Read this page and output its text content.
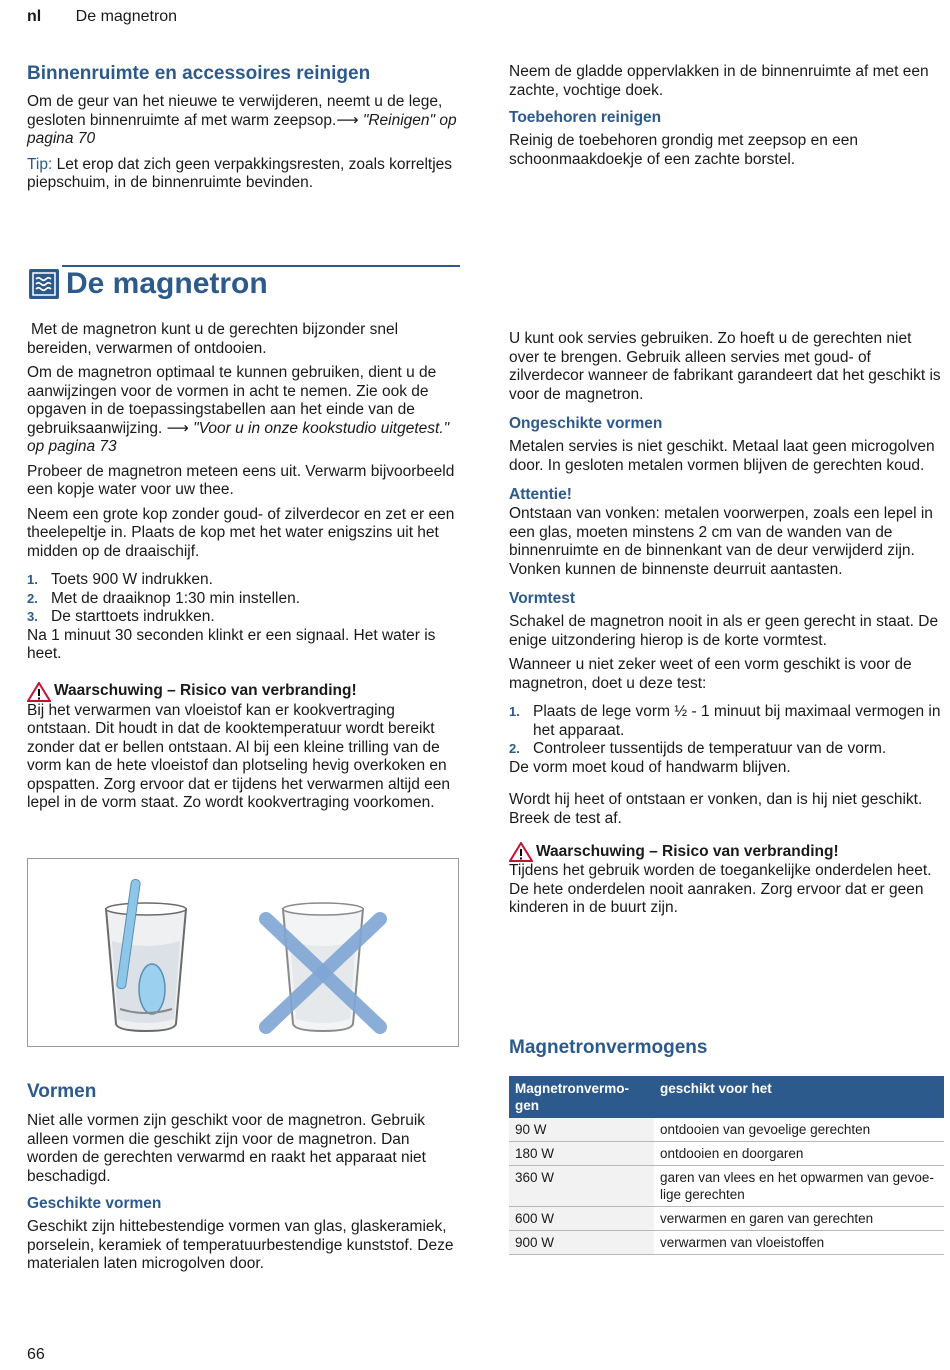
nl De magnetron
Binnenruimte en accessoires reinigen

Om de geur van het nieuwe te verwijderen, neemt u de lege, gesloten binnenruimte af met warm zeepsop.⟶ "Reinigen" op pagina 70

Tip: Let erop dat zich geen verpakkingsresten, zoals korreltjes piepschuim, in de binnenruimte bevinden.

Neem de gladde oppervlakken in de binnenruimte af met een zachte, vochtige doek.

Toebehoren reinigen

Reinig de toebehoren grondig met zeepsop en een schoonmaakdoekje of een zachte borstel.

De magnetron

Met de magnetron kunt u de gerechten bijzonder snel bereiden, verwarmen of ontdooien.

Om de magnetron optimaal te kunnen gebruiken, dient u de aanwijzingen voor de vormen in acht te nemen. Zie ook de opgaven in de toepassingstabellen aan het einde van de gebruiksaanwijzing. ⟶ "Voor u in onze kookstudio uitgetest." op pagina 73

Probeer de magnetron meteen eens uit. Verwarm bijvoorbeeld een kopje water voor uw thee.

Neem een grote kop zonder goud- of zilverdecor en zet er een theelepeltje in. Plaats de kop met het water enigszins uit het midden op de draaischijf.

1. Toets 900 W indrukken.
2. Met de draaiknop 1:30 min instellen.
3. De starttoets indrukken.

Na 1 minuut 30 seconden klinkt er een signaal. Het water is heet.

Waarschuwing – Risico van verbranding!

Bij het verwarmen van vloeistof kan er kookvertraging ontstaan. Dit houdt in dat de kooktemperatuur wordt bereikt zonder dat er bellen ontstaan. Al bij een kleine trilling van de vorm kan de hete vloeistof dan plotseling hevig overkoken en opspatten. Zorg ervoor dat er tijdens het verwarmen altijd een lepel in de vorm staat. Zo wordt kookvertraging voorkomen.

Vormen

Niet alle vormen zijn geschikt voor de magnetron. Gebruik alleen vormen die geschikt zijn voor de magnetron. Dan worden de gerechten verwarmd en raakt het apparaat niet beschadigd.

Geschikte vormen

Geschikt zijn hittebestendige vormen van glas, glaskeramiek, porselein, keramiek of temperatuurbestendige kunststof. Deze materialen laten microgolven door.

U kunt ook servies gebruiken. Zo hoeft u de gerechten niet over te brengen. Gebruik alleen servies met goud- of zilverdecor wanneer de fabrikant garandeert dat het geschikt is voor de magnetron.

Ongeschikte vormen

Metalen servies is niet geschikt. Metaal laat geen microgolven door. In gesloten metalen vormen blijven de gerechten koud.

Attentie!

Ontstaan van vonken: metalen voorwerpen, zoals een lepel in een glas, moeten minstens 2 cm van de wanden van de binnenruimte en de binnenkant van de deur verwijderd zijn. Vonken kunnen de binnenste deurruit aantasten.

Vormtest

Schakel de magnetron nooit in als er geen gerecht in staat. De enige uitzondering hierop is de korte vormtest.

Wanneer u niet zeker weet of een vorm geschikt is voor de magnetron, doet u deze test:

1. Plaats de lege vorm ½ - 1 minuut bij maximaal vermogen in het apparaat.
2. Controleer tussentijds de temperatuur van de vorm.

De vorm moet koud of handwarm blijven.

Wordt hij heet of ontstaan er vonken, dan is hij niet geschikt.

Breek de test af.

Waarschuwing – Risico van verbranding!

Tijdens het gebruik worden de toegankelijke onderdelen heet. De hete onderdelen nooit aanraken. Zorg ervoor dat er geen kinderen in de buurt zijn.

Magnetronvermogens
Magnetronvermo-gen	geschikt voor het
90 W	ontdooien van gevoelige gerechten
180 W	ontdooien en doorgaren
360 W	garen van vlees en het opwarmen van gevoe-lige gerechten
600 W	verwarmen en garen van gerechten
900 W	verwarmen van vloeistoffen
66
